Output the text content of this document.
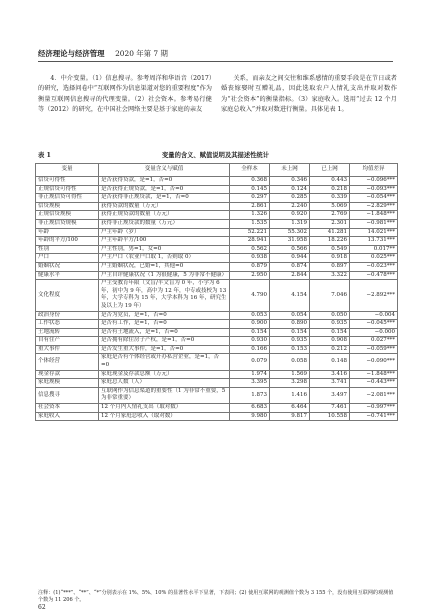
经济理论与经济管理 2020 年第 7 期

4．中介变量。（1）信息搜寻。参考周洋和华语音（2017）的研究，选择问卷中“互联网作为信息渠道对您的重要程度”作为衡量互联网信息搜寻的代理变量。（2）社会资本。参考易行健等（2012）的研究，在中国社会网络主要是基于家庭的亲友

关系，而亲友之间交往和维系感情的重要手段是在节日或者婚丧嫁娶时互赠礼品，因此选取农户人情礼支出并取对数作为“社会资本”的衡量指标。（3）家庭收入。选用“过去 12 个月家庭总收入”并取对数进行衡量。具体见表 1。

表 1	变量的含义、赋值说明及其描述性统计
变量	变量含义与赋值	全样本	未上网	已上网	均值差异
信贷可得性	是否获得贷款，是=1，否=0	0.368	0.346	0.443	−0.096***
正规信贷可得性	是否获得正规贷款，是=1，否=0	0.145	0.124	0.218	−0.093***
非正规信贷可得性	是否获得非正规贷款，是=1，否=0	0.297	0.285	0.339	−0.054***
信贷规模	获得贷款的数量（万元）	2.861	2.240	5.069	−2.829***
正规信贷规模	获得正规贷款的数量（万元）	1.326	0.920	2.769	−1.848***
非正规信贷规模	获得非正规贷款的数量（万元）	1.535	1.319	2.301	−0.981***
年龄	户主年龄（岁）	52.221	55.302	41.281	14.021***
年龄的平方/100	户主年龄平方/100	28.941	31.958	18.226	13.731***
性别	户主性别，男=1，女=0	0.562	0.566	0.549	0.017**
户口	户主户口（农业户口取 1，否则取 0）	0.938	0.944	0.918	0.025***
婚姻状况	户主婚姻状况，已婚=1，其他=0	0.879	0.874	0.897	−0.023***
健康水平	户主自评健康状况（1 为很健康，5 为非常不健康）	2.950	2.844	3.322	−0.478***
文化程度	户主受教育年限（文盲/半文盲为 0 年，小学为 6 年，初中为 9 年，高中为 12 年，中专或技校为 13 年，大学专科为 15 年，大学本科为 16 年，研究生及以上为 19 年）	4.790	4.154	7.046	−2.892***
政治身份	是否为党员，是=1，否=0	0.053	0.054	0.050	−0.004
工作状态	是否有工作，是=1，否=0	0.900	0.890	0.935	−0.045***
土地流转	是否有土地流入，是=1，否=0	0.154	0.154	0.154	−0.000
自有住产	是否拥有除住房子产权，是=1，否=0	0.930	0.935	0.908	0.027***
重大事件	是否发生重大事件，是=1，否=0	0.166	0.153	0.212	−0.059***
个体经营	家庭是否有个体经营或开办私营企业，是=1，否=0	0.079	0.058	0.148	−0.090***
现金存款	家庭现金及存款总额（万元）	1.974	1.569	3.416	−1.848***
家庭规模	家庭总人数（人）	3.395	3.298	3.741	−0.443***
信息搜寻	互联网作为信息渠道的重要性（1 为非常不重要，5 为非常重要）	1.873	1.416	3.497	−2.081***
社会资本	12 个月内人情礼支出（取对数）	6.683	6.464	7.461	−0.997***
家庭收入	12 个月家庭总收入（取对数）	9.980	9.817	10.558	−0.741***
注释：(1)“***”、“**”、“*”分别表示在 1%、5%、10% 的显著性水平下显著，下表同；(2) 使用互联网的观测值个数为 3 155 个，没有使用互联网的观测值个数为 11 206 个。
62
